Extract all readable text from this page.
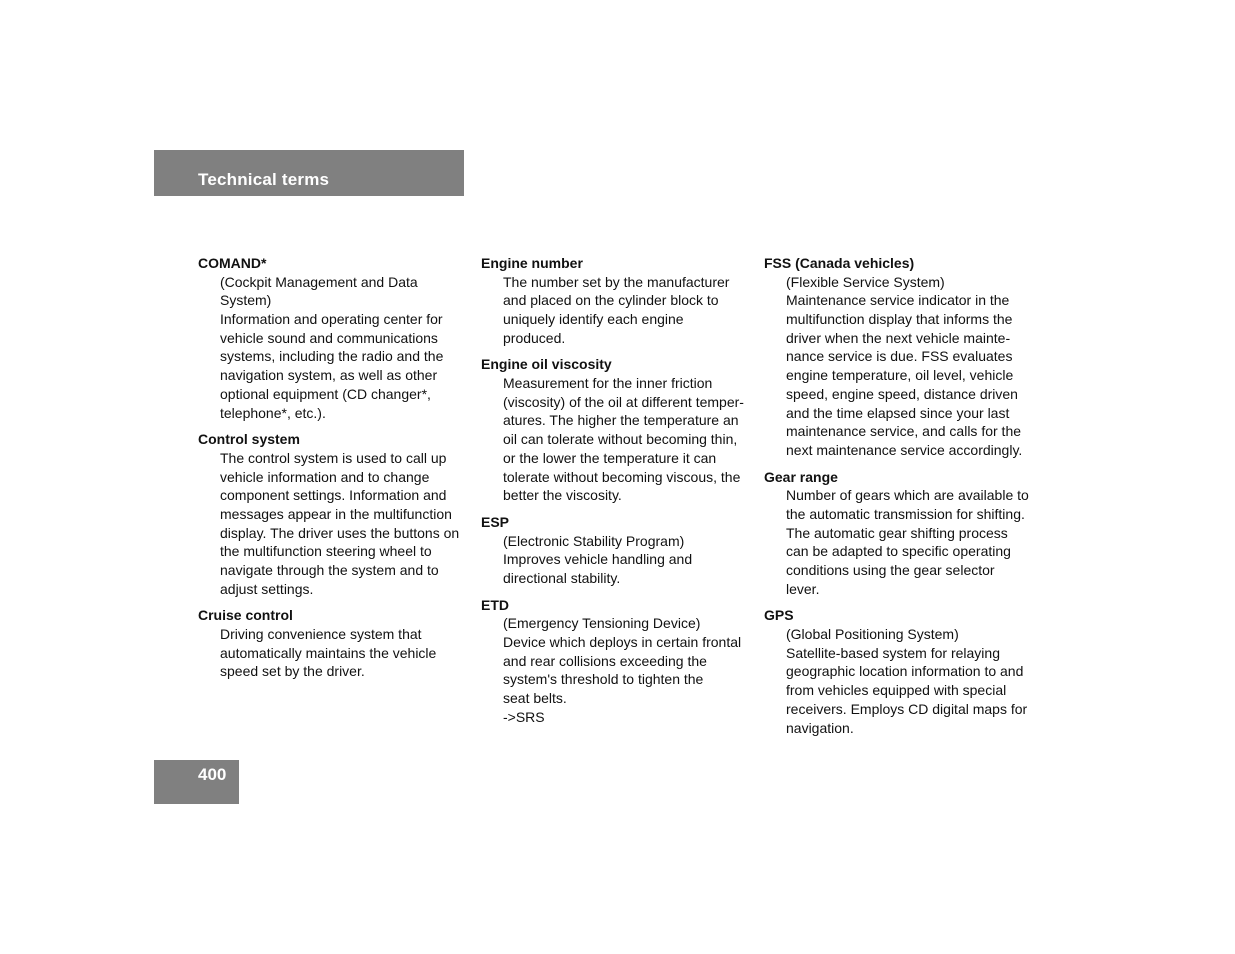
Technical terms
COMAND*
(Cockpit Management and Data
System)
Information and operating center for
vehicle sound and communications
systems, including the radio and the
navigation system, as well as other
optional equipment (CD changer*,
telephone*, etc.).
Control system
The control system is used to call up
vehicle information and to change
component settings. Information and
messages appear in the multifunction
display. The driver uses the buttons on
the multifunction steering wheel to
navigate through the system and to
adjust settings.
Cruise control
Driving convenience system that
automatically maintains the vehicle
speed set by the driver.
Engine number
The number set by the manufacturer
and placed on the cylinder block to
uniquely identify each engine
produced.
Engine oil viscosity
Measurement for the inner friction
(viscosity) of the oil at different temper-
atures. The higher the temperature an
oil can tolerate without becoming thin,
or the lower the temperature it can
tolerate without becoming viscous, the
better the viscosity.
ESP
(Electronic Stability Program)
Improves vehicle handling and
directional stability.
ETD
(Emergency Tensioning Device)
Device which deploys in certain frontal
and rear collisions exceeding the
system's threshold to tighten the
seat belts.
->SRS
FSS (Canada vehicles)
(Flexible Service System)
Maintenance service indicator in the
multifunction display that informs the
driver when the next vehicle mainte-
nance service is due. FSS evaluates
engine temperature, oil level, vehicle
speed, engine speed, distance driven
and the time elapsed since your last
maintenance service, and calls for the
next maintenance service accordingly.
Gear range
Number of gears which are available to
the automatic transmission for shifting.
The automatic gear shifting process
can be adapted to specific operating
conditions using the gear selector
lever.
GPS
(Global Positioning System)
Satellite-based system for relaying
geographic location information to and
from vehicles equipped with special
receivers. Employs CD digital maps for
navigation.
400
